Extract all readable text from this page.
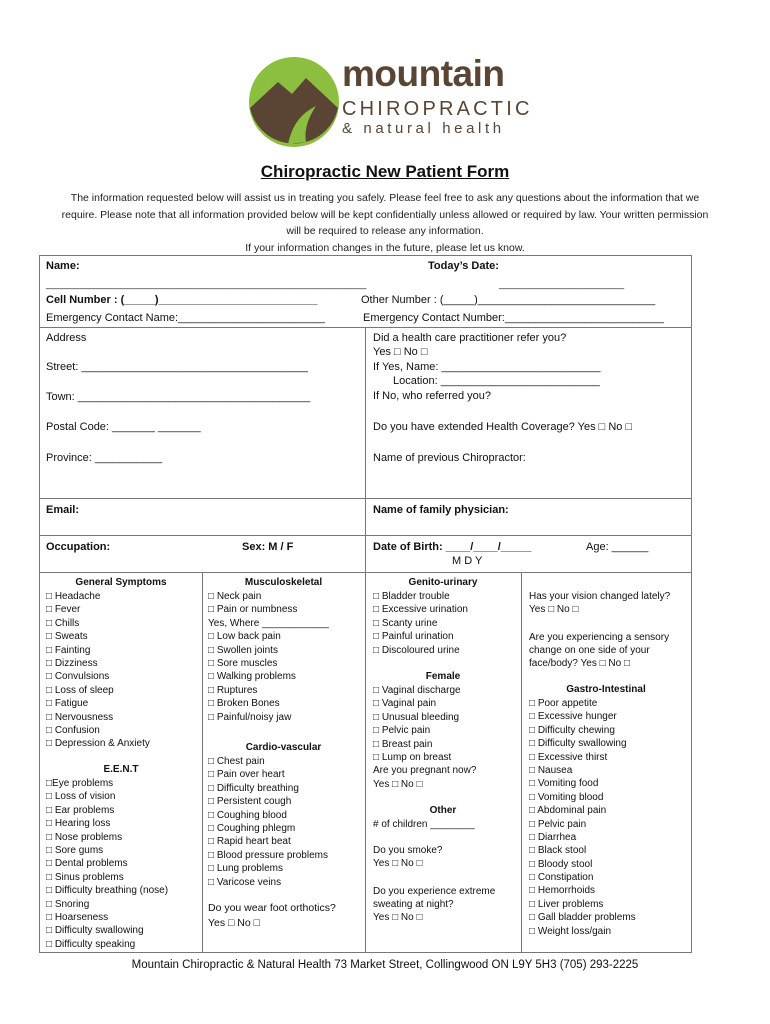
mountain
CHIROPRACTIC
& natural health
Chiropractic New Patient Form
The information requested below will assist us in treating you safely. Please feel free to ask any questions about the information that we
require. Please note that all information provided below will be kept confidentially unless allowed or required by law. Your written permission
will be required to release any information.
If your information changes in the future, please let us know.
Name:	Today’s Date:
________________________________________________________________	_________________________
Cell Number : (_____)__________________________	Other Number : (_____)_____________________________
Emergency Contact Name:________________________	Emergency Contact Number:__________________________
Address
Street: _____________________________________
Town: ______________________________________
Postal Code: _______ _______
Province: ___________
Did a health care practitioner refer you?
Yes □ No □
If Yes, Name: __________________________
Location: __________________________
If No, who referred you?
Do you have extended Health Coverage? Yes □ No □
Name of previous Chiropractor:
Email:	Name of family physician:
Occupation:	Sex: M / F	Date of Birth: ____/____/_____
M D Y
Age: ______
General Symptoms
□ Headache
□ Fever
□ Chills
□ Sweats
□ Fainting
□ Dizziness
□ Convulsions
□ Loss of sleep
□ Fatigue
□ Nervousness
□ Confusion
□ Depression & Anxiety
E.E.N.T
□Eye problems
□ Loss of vision
□ Ear problems
□ Hearing loss
□ Nose problems
□ Sore gums
□ Dental problems
□ Sinus problems
□ Difficulty breathing (nose)
□ Snoring
□ Hoarseness
□ Difficulty swallowing
□ Difficulty speaking
Musculoskeletal
□ Neck pain
□ Pain or numbness
Yes, Where ____________
□ Low back pain
□ Swollen joints
□ Sore muscles
□ Walking problems
□ Ruptures
□ Broken Bones
□ Painful/noisy jaw
Cardio-vascular
□ Chest pain
□ Pain over heart
□ Difficulty breathing
□ Persistent cough
□ Coughing blood
□ Coughing phlegm
□ Rapid heart beat
□ Blood pressure problems
□ Lung problems
□ Varicose veins
Do you wear foot orthotics?
Yes □ No □
Genito-urinary
□ Bladder trouble
□ Excessive urination
□ Scanty urine
□ Painful urination
□ Discoloured urine
Female
□ Vaginal discharge
□ Vaginal pain
□ Unusual bleeding
□ Pelvic pain
□ Breast pain
□ Lump on breast
Are you pregnant now?
Yes □ No □
Other
# of children ________
Do you smoke?
Yes □ No □
Do you experience extreme
sweating at night?
Yes □ No □
Has your vision changed lately?
Yes □ No □
Are you experiencing a sensory
change on one side of your
face/body? Yes □ No □
Gastro-Intestinal
□ Poor appetite
□ Excessive hunger
□ Difficulty chewing
□ Difficulty swallowing
□ Excessive thirst
□ Nausea
□ Vomiting food
□ Vomiting blood
□ Abdominal pain
□ Pelvic pain
□ Diarrhea
□ Black stool
□ Bloody stool
□ Constipation
□ Hemorrhoids
□ Liver problems
□ Gall bladder problems
□ Weight loss/gain
Mountain Chiropractic & Natural Health 73 Market Street, Collingwood ON L9Y 5H3 (705) 293-2225
